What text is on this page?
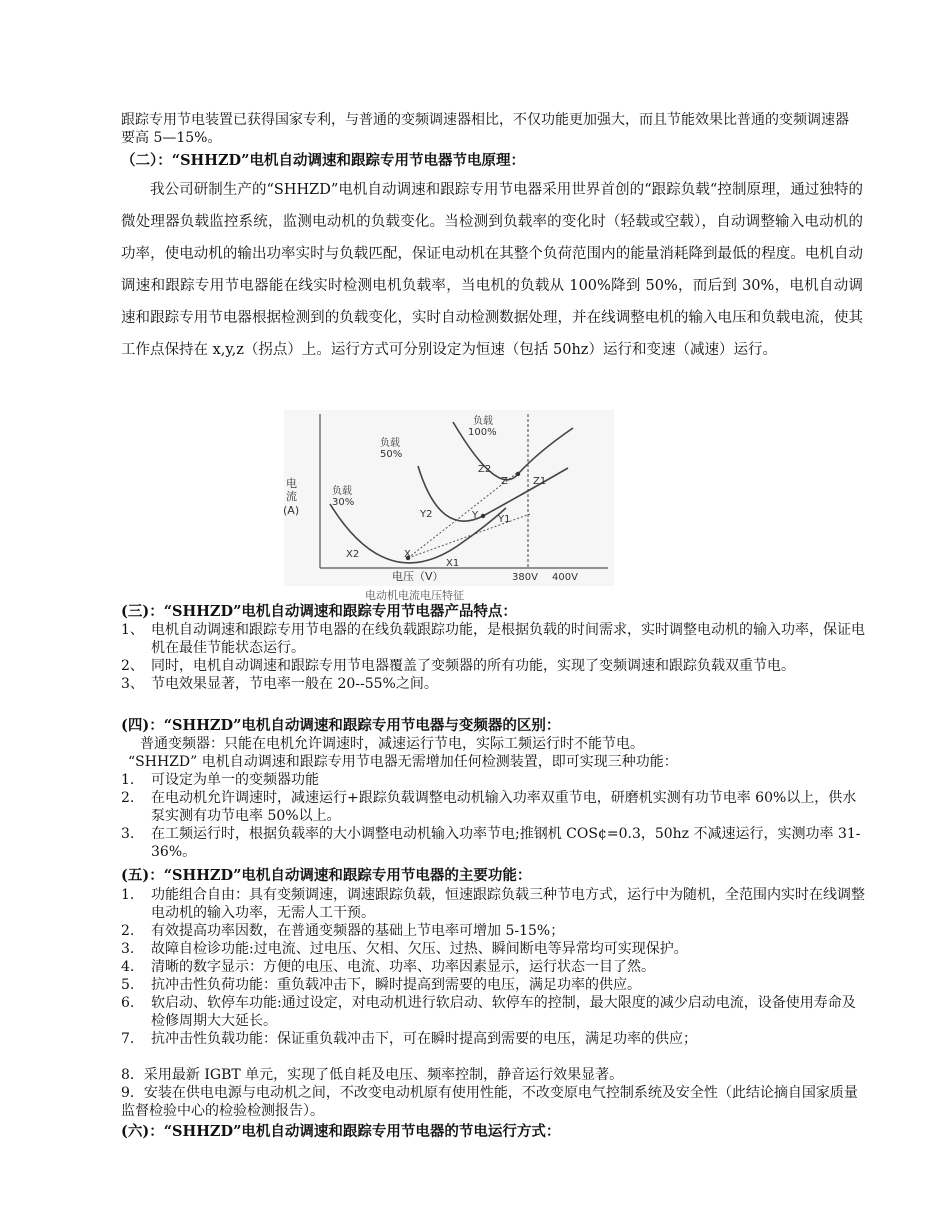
跟踪专用节电装置已获得国家专利，与普通的变频调速器相比，不仅功能更加强大，而且节能效果比普通的变频调速器要高 5—15%。
（二）：“SHHZD”电机自动调速和跟踪专用节电器节电原理：
我公司研制生产的“SHHZD”电机自动调速和跟踪专用节电器采用世界首创的“跟踪负载“控制原理，通过独特的微处理器负载监控系统，监测电动机的负载变化。当检测到负载率的变化时（轻载或空载），自动调整输入电动机的功率，使电动机的输出功率实时与负载匹配，保证电动机在其整个负荷范围内的能量消耗降到最低的程度。电机自动调速和跟踪专用节电器能在线实时检测电机负载率，当电机的负载从 100%降到 50%，而后到 30%，电机自动调速和跟踪专用节电器根据检测到的负载变化，实时自动检测数据处理，并在线调整电机的输入电压和负载电流，使其工作点保持在 x,y,z（拐点）上。运行方式可分别设定为恒速（包括 50hz）运行和变速（减速）运行。
负载
100%
负载
50%
负载
30%
Z2
Z	Z1
Y2	Y Y1
X2	X
X1
电
流
(A)
电压（V）	380V 400V
电动机电流电压特征
(三)：“SHHZD”电机自动调速和跟踪专用节电器产品特点：
1、 电机自动调速和跟踪专用节电器的在线负载跟踪功能，是根据负载的时间需求，实时调整电动机的输入功率，保证电机在最佳节能状态运行。
2、 同时，电机自动调速和跟踪专用节电器覆盖了变频器的所有功能，实现了变频调速和跟踪负载双重节电。
3、 节电效果显著，节电率一般在 20--55%之间。
(四)：“SHHZD”电机自动调速和跟踪专用节电器与变频器的区别：
普通变频器：只能在电机允许调速时，减速运行节电，实际工频运行时不能节电。
“SHHZD” 电机自动调速和跟踪专用节电器无需增加任何检测装置，即可实现三种功能：
1. 可设定为单一的变频器功能
2. 在电动机允许调速时，减速运行+跟踪负载调整电动机输入功率双重节电，研磨机实测有功节电率 60%以上，供水泵实测有功节电率 50%以上。
3. 在工频运行时，根据负载率的大小调整电动机输入功率节电;推钢机 COS¢=0.3，50hz 不减速运行，实测功率 31-36%。
(五)：“SHHZD”电机自动调速和跟踪专用节电器的主要功能：
1. 功能组合自由：具有变频调速，调速跟踪负载，恒速跟踪负载三种节电方式，运行中为随机，全范围内实时在线调整电动机的输入功率，无需人工干预。
2. 有效提高功率因数，在普通变频器的基础上节电率可增加 5-15%；
3. 故障自检诊功能:过电流、过电压、欠相、欠压、过热、瞬间断电等异常均可实现保护。
4. 清晰的数字显示：方便的电压、电流、功率、功率因素显示，运行状态一目了然。
5. 抗冲击性负荷功能：重负载冲击下，瞬时提高到需要的电压，满足功率的供应。
6. 软启动、软停车功能:通过设定，对电动机进行软启动、软停车的控制，最大限度的减少启动电流，设备使用寿命及检修周期大大延长。
7. 抗冲击性负载功能：保证重负载冲击下，可在瞬时提高到需要的电压，满足功率的供应；
8．采用最新 IGBT 单元，实现了低自耗及电压、频率控制，静音运行效果显著。
9．安装在供电电源与电动机之间，不改变电动机原有使用性能，不改变原电气控制系统及安全性（此结论摘自国家质量监督检验中心的检验检测报告）。
(六)：“SHHZD”电机自动调速和跟踪专用节电器的节电运行方式：
